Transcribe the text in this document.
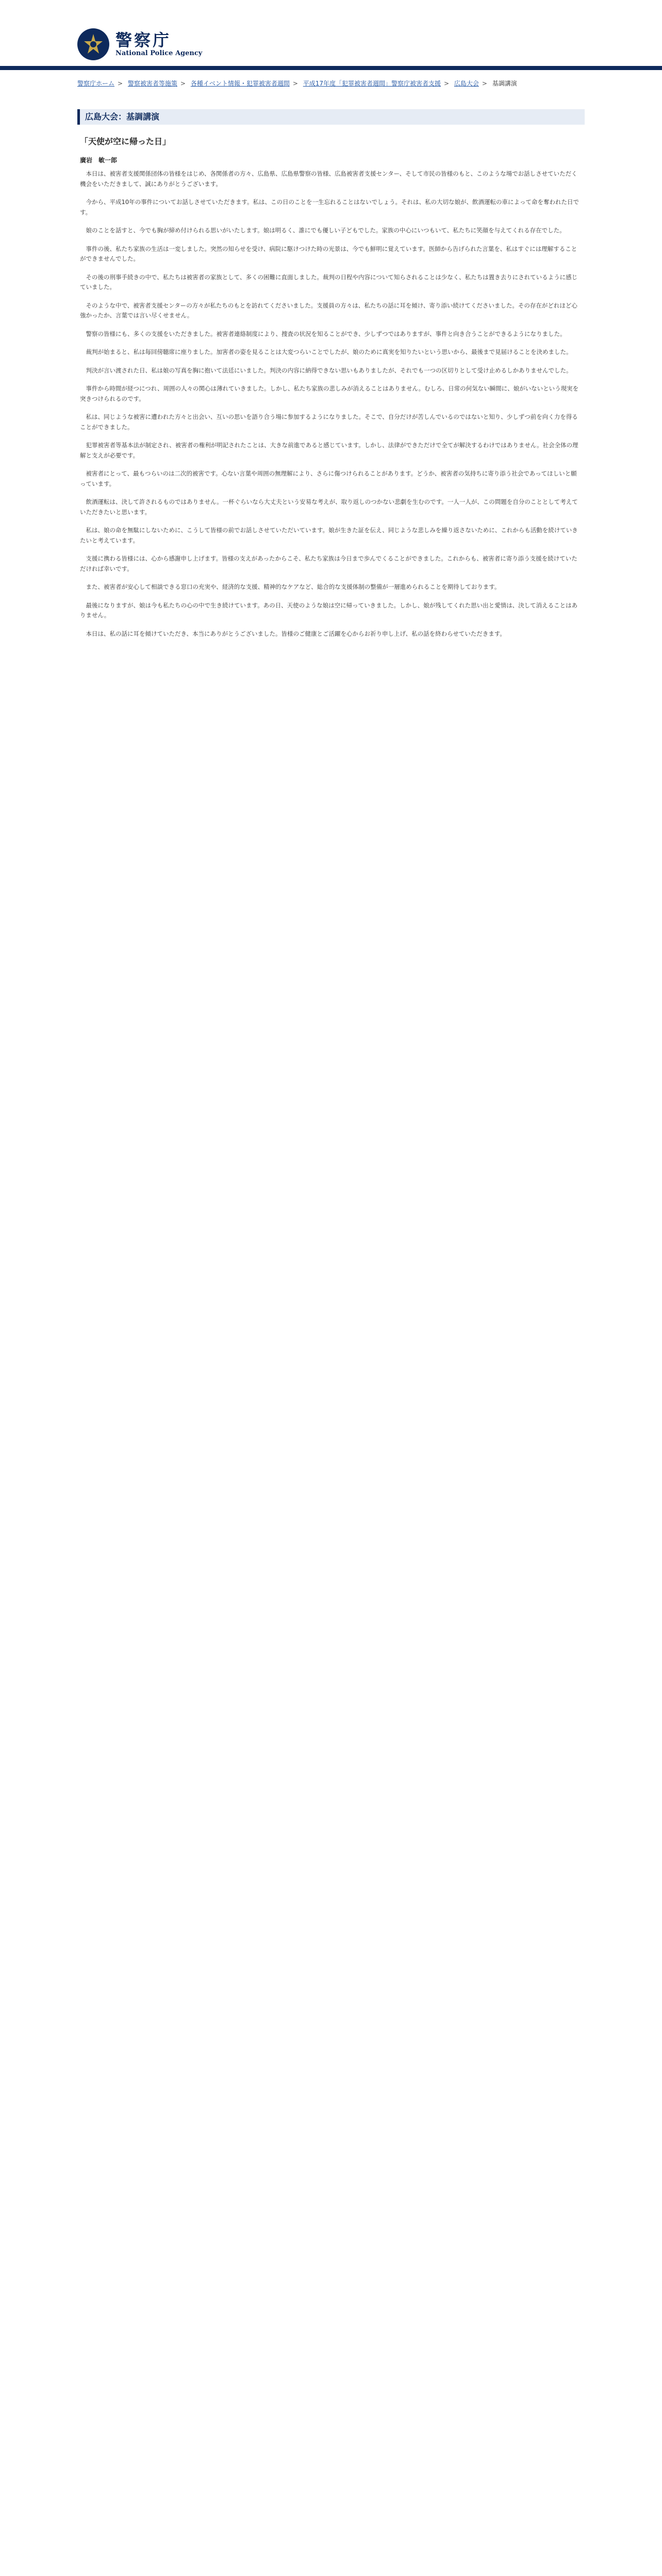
警察庁
National Police Agency
警察庁ホーム > 警察被害者等施策 > 各種イベント情報・犯罪被害者週間 > 平成17年度「犯罪被害者週間」警察庁被害者支援 > 広島大会 > 基調講演
広島大会：基調講演
「天使が空に帰った日」
廣岩　敏一郎

本日は、被害者支援関係団体の皆様をはじめ、各関係者の方々、広島県、広島県警察の皆様、広島被害者支援センター、そして市民の皆様のもと、このような場でお話しさせていただく機会をいただきまして、誠にありがとうございます。

今から、平成10年の事件についてお話しさせていただきます。私は、この日のことを一生忘れることはないでしょう。それは、私の大切な娘が、飲酒運転の車によって命を奪われた日です。

娘のことを話すと、今でも胸が締め付けられる思いがいたします。娘は明るく、誰にでも優しい子どもでした。家族の中心にいつもいて、私たちに笑顔を与えてくれる存在でした。

事件の後、私たち家族の生活は一変しました。突然の知らせを受け、病院に駆けつけた時の光景は、今でも鮮明に覚えています。医師から告げられた言葉を、私はすぐには理解することができませんでした。

その後の刑事手続きの中で、私たちは被害者の家族として、多くの困難に直面しました。裁判の日程や内容について知らされることは少なく、私たちは置き去りにされているように感じていました。

そのような中で、被害者支援センターの方々が私たちのもとを訪れてくださいました。支援員の方々は、私たちの話に耳を傾け、寄り添い続けてくださいました。その存在がどれほど心強かったか、言葉では言い尽くせません。

警察の皆様にも、多くの支援をいただきました。被害者連絡制度により、捜査の状況を知ることができ、少しずつではありますが、事件と向き合うことができるようになりました。

裁判が始まると、私は毎回傍聴席に座りました。加害者の姿を見ることは大変つらいことでしたが、娘のために真実を知りたいという思いから、最後まで見届けることを決めました。

判決が言い渡された日、私は娘の写真を胸に抱いて法廷にいました。判決の内容に納得できない思いもありましたが、それでも一つの区切りとして受け止めるしかありませんでした。

事件から時間が経つにつれ、周囲の人々の関心は薄れていきました。しかし、私たち家族の悲しみが消えることはありません。むしろ、日常の何気ない瞬間に、娘がいないという現実を突きつけられるのです。

私は、同じような被害に遭われた方々と出会い、互いの思いを語り合う場に参加するようになりました。そこで、自分だけが苦しんでいるのではないと知り、少しずつ前を向く力を得ることができました。

犯罪被害者等基本法が制定され、被害者の権利が明記されたことは、大きな前進であると感じています。しかし、法律ができただけで全てが解決するわけではありません。社会全体の理解と支えが必要です。

被害者にとって、最もつらいのは二次的被害です。心ない言葉や周囲の無理解により、さらに傷つけられることがあります。どうか、被害者の気持ちに寄り添う社会であってほしいと願っています。

飲酒運転は、決して許されるものではありません。一杯ぐらいなら大丈夫という安易な考えが、取り返しのつかない悲劇を生むのです。一人一人が、この問題を自分のこととして考えていただきたいと思います。

私は、娘の命を無駄にしないために、こうして皆様の前でお話しさせていただいています。娘が生きた証を伝え、同じような悲しみを繰り返さないために、これからも活動を続けていきたいと考えています。

支援に携わる皆様には、心から感謝申し上げます。皆様の支えがあったからこそ、私たち家族は今日まで歩んでくることができました。これからも、被害者に寄り添う支援を続けていただければ幸いです。

また、被害者が安心して相談できる窓口の充実や、経済的な支援、精神的なケアなど、総合的な支援体制の整備が一層進められることを期待しております。

最後になりますが、娘は今も私たちの心の中で生き続けています。あの日、天使のような娘は空に帰っていきました。しかし、娘が残してくれた思い出と愛情は、決して消えることはありません。

本日は、私の話に耳を傾けていただき、本当にありがとうございました。皆様のご健康とご活躍を心からお祈り申し上げ、私の話を終わらせていただきます。
